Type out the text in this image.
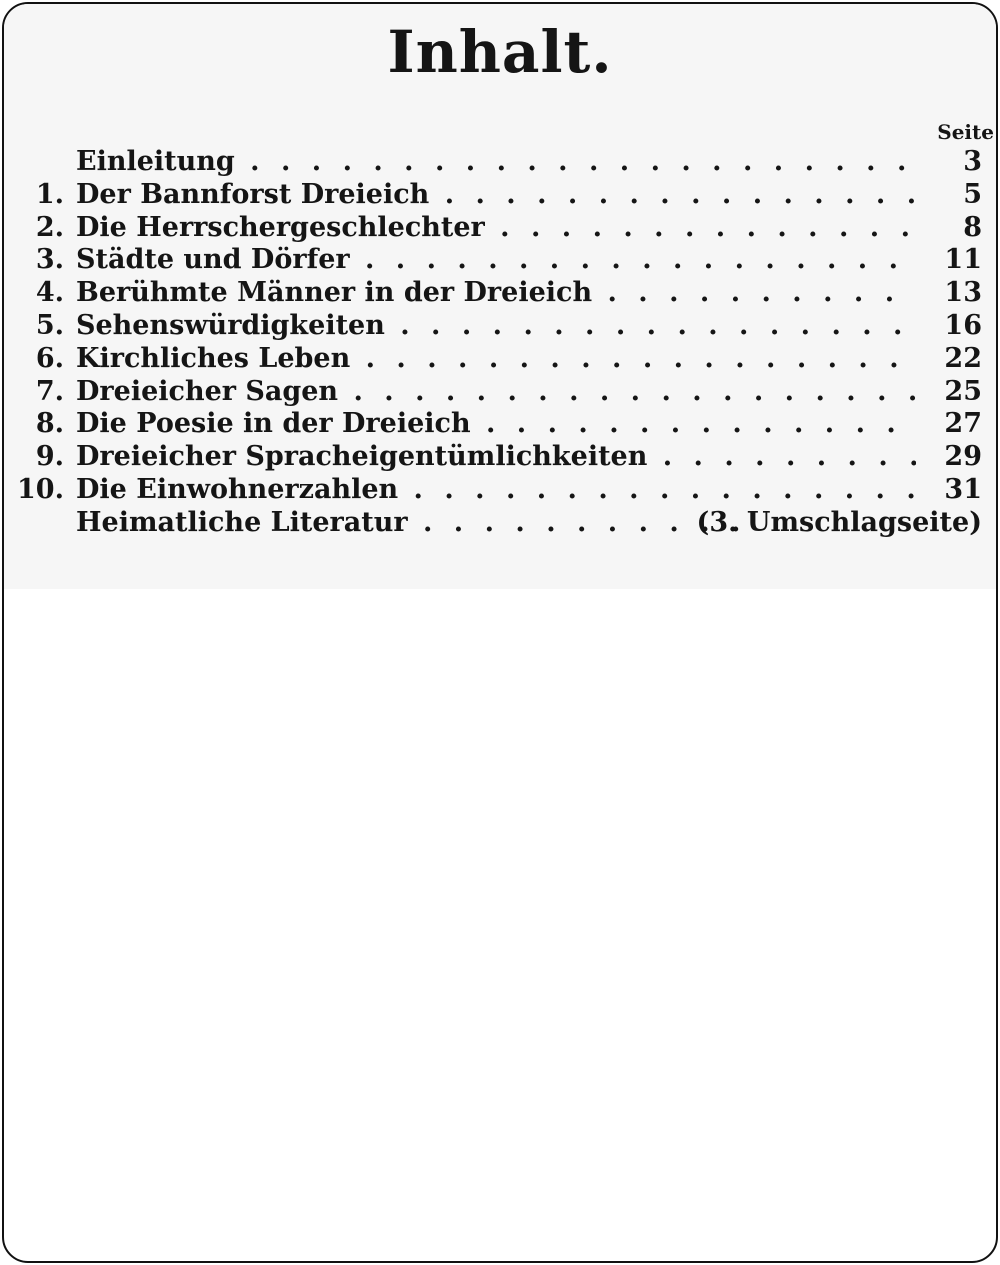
Inhalt.
Seite
Einleitung . . .	3
1. Der Bannforst Dreieich . . .	5
2. Die Herrschergeschlechter . . .	8
3. Städte und Dörfer . . .	11
4. Berühmte Männer in der Dreieich . . .	13
5. Sehenswürdigkeiten . . .	16
6. Kirchliches Leben . . .	22
7. Dreieicher Sagen . . .	25
8. Die Poesie in der Dreieich . . .	27
9. Dreieicher Spracheigentümlichkeiten . . .	29
10. Die Einwohnerzahlen . . .	31
Heimatliche Literatur . . .	(3. Umschlagseite)
